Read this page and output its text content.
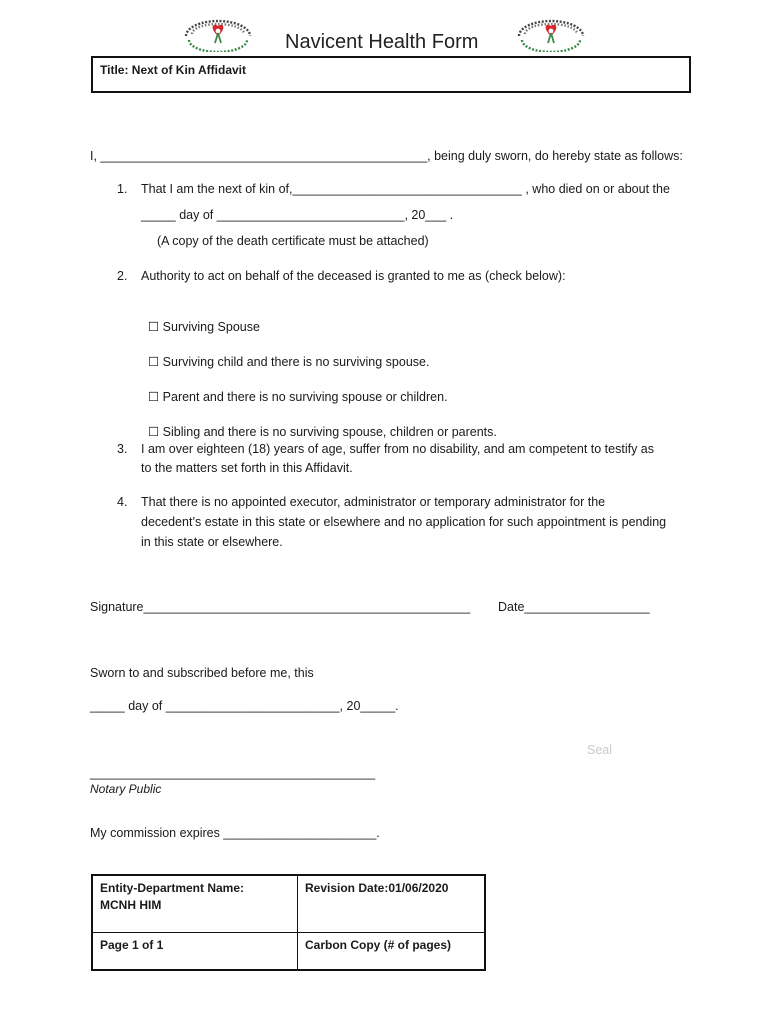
Navicent Health Form
Title: Next of Kin Affidavit
I, _______________________________________________, being duly sworn, do hereby state as follows:
1. That I am the next of kin of,_________________________________ , who died on or about the
_____ day of ___________________________, 20___ .
(A copy of the death certificate must be attached)
2. Authority to act on behalf of the deceased is granted to me as (check below):

☐ Surviving Spouse

☐ Surviving child and there is no surviving spouse.

☐ Parent and there is no surviving spouse or children.

☐ Sibling and there is no surviving spouse, children or parents.

3. I am over eighteen (18) years of age, suffer from no disability, and am competent to testify as
to the matters set forth in this Affidavit.
4. That there is no appointed executor, administrator or temporary administrator for the
decedent’s estate in this state or elsewhere and no application for such appointment is pending
in this state or elsewhere.
Signature_______________________________________________ Date__________________
Sworn to and subscribed before me, this
_____ day of _________________________, 20_____.
Seal
_________________________________________
Notary Public
My commission expires ______________________.
Entity-Department Name:
MCNH HIM	Revision Date:01/06/2020

Page 1 of 1	Carbon Copy (# of pages)
